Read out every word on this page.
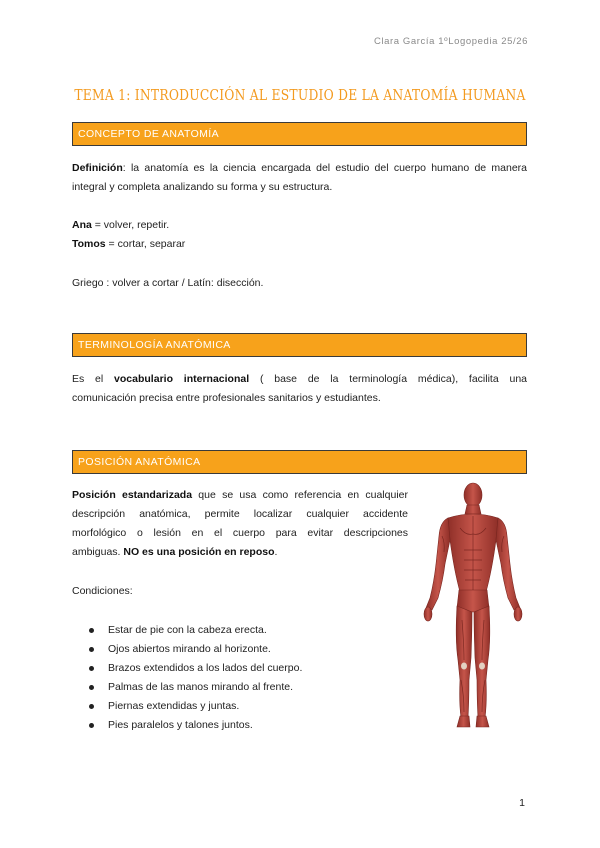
Clara García 1ºLogopedia 25/26
TEMA 1: INTRODUCCIÓN AL ESTUDIO DE LA ANATOMÍA HUMANA
CONCEPTO DE ANATOMÍA

Definición: la anatomía es la ciencia encargada del estudio del cuerpo humano de manera

integral y completa analizando su forma y su estructura.
Ana = volver, repetir.
Tomos = cortar, separar
Griego : volver a cortar / Latín: disección.
TERMINOLOGÍA ANATÓMICA

Es el vocabulario internacional ( base de la terminología médica), facilita una

comunicación precisa entre profesionales sanitarios y estudiantes.
POSICIÓN ANATÓMICA

Posición estandarizada que se usa como referencia en cualquier

descripción anatómica, permite localizar cualquier accidente

morfológico o lesión en el cuerpo para evitar descripciones

ambiguas. NO es una posición en reposo.
Condiciones:
Estar de pie con la cabeza erecta.
Ojos abiertos mirando al horizonte.
Brazos extendidos a los lados del cuerpo.
Palmas de las manos mirando al frente.
Piernas extendidas y juntas.
Pies paralelos y talones juntos.
1
